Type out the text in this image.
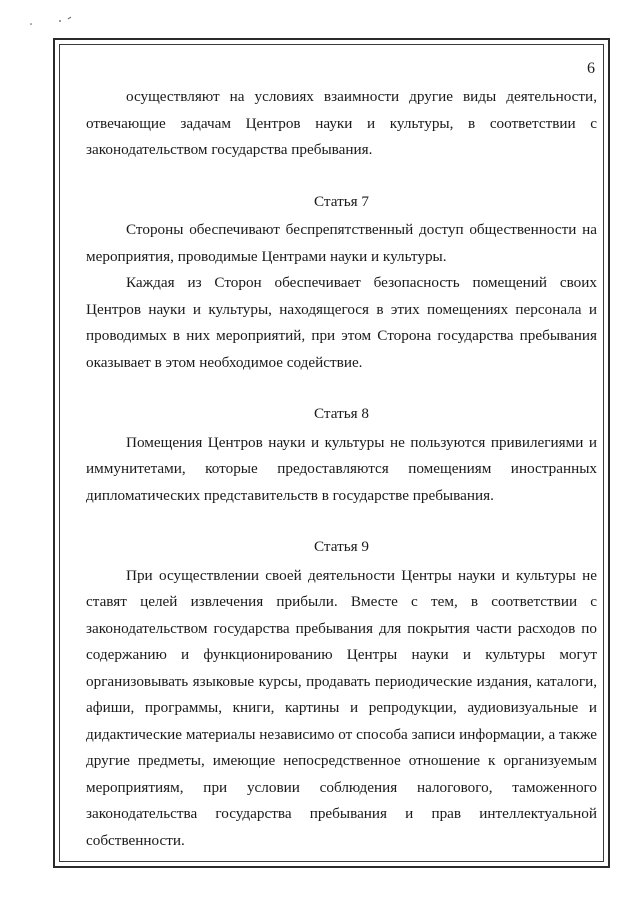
6

осуществляют на условиях взаимности другие виды деятельности, отвечающие задачам Центров науки и культуры, в соответствии с законодательством государства пребывания.

Статья 7

Стороны обеспечивают беспрепятственный доступ общественности на мероприятия, проводимые Центрами науки и культуры.

Каждая из Сторон обеспечивает безопасность помещений своих Центров науки и культуры, находящегося в этих помещениях персонала и проводимых в них мероприятий, при этом Сторона государства пребывания оказывает в этом необходимое содействие.

Статья 8

Помещения Центров науки и культуры не пользуются привилегиями и иммунитетами, которые предоставляются помещениям иностранных дипломатических представительств в государстве пребывания.

Статья 9

При осуществлении своей деятельности Центры науки и культуры не ставят целей извлечения прибыли. Вместе с тем, в соответствии с законодательством государства пребывания для покрытия части расходов по содержанию и функционированию Центры науки и культуры могут организовывать языковые курсы, продавать периодические издания, каталоги, афиши, программы, книги, картины и репродукции, аудиовизуальные и дидактические материалы независимо от способа записи информации, а также другие предметы, имеющие непосредственное отношение к организуемым мероприятиям, при условии соблюдения налогового, таможенного законодательства государства пребывания и прав интеллектуальной собственности.
